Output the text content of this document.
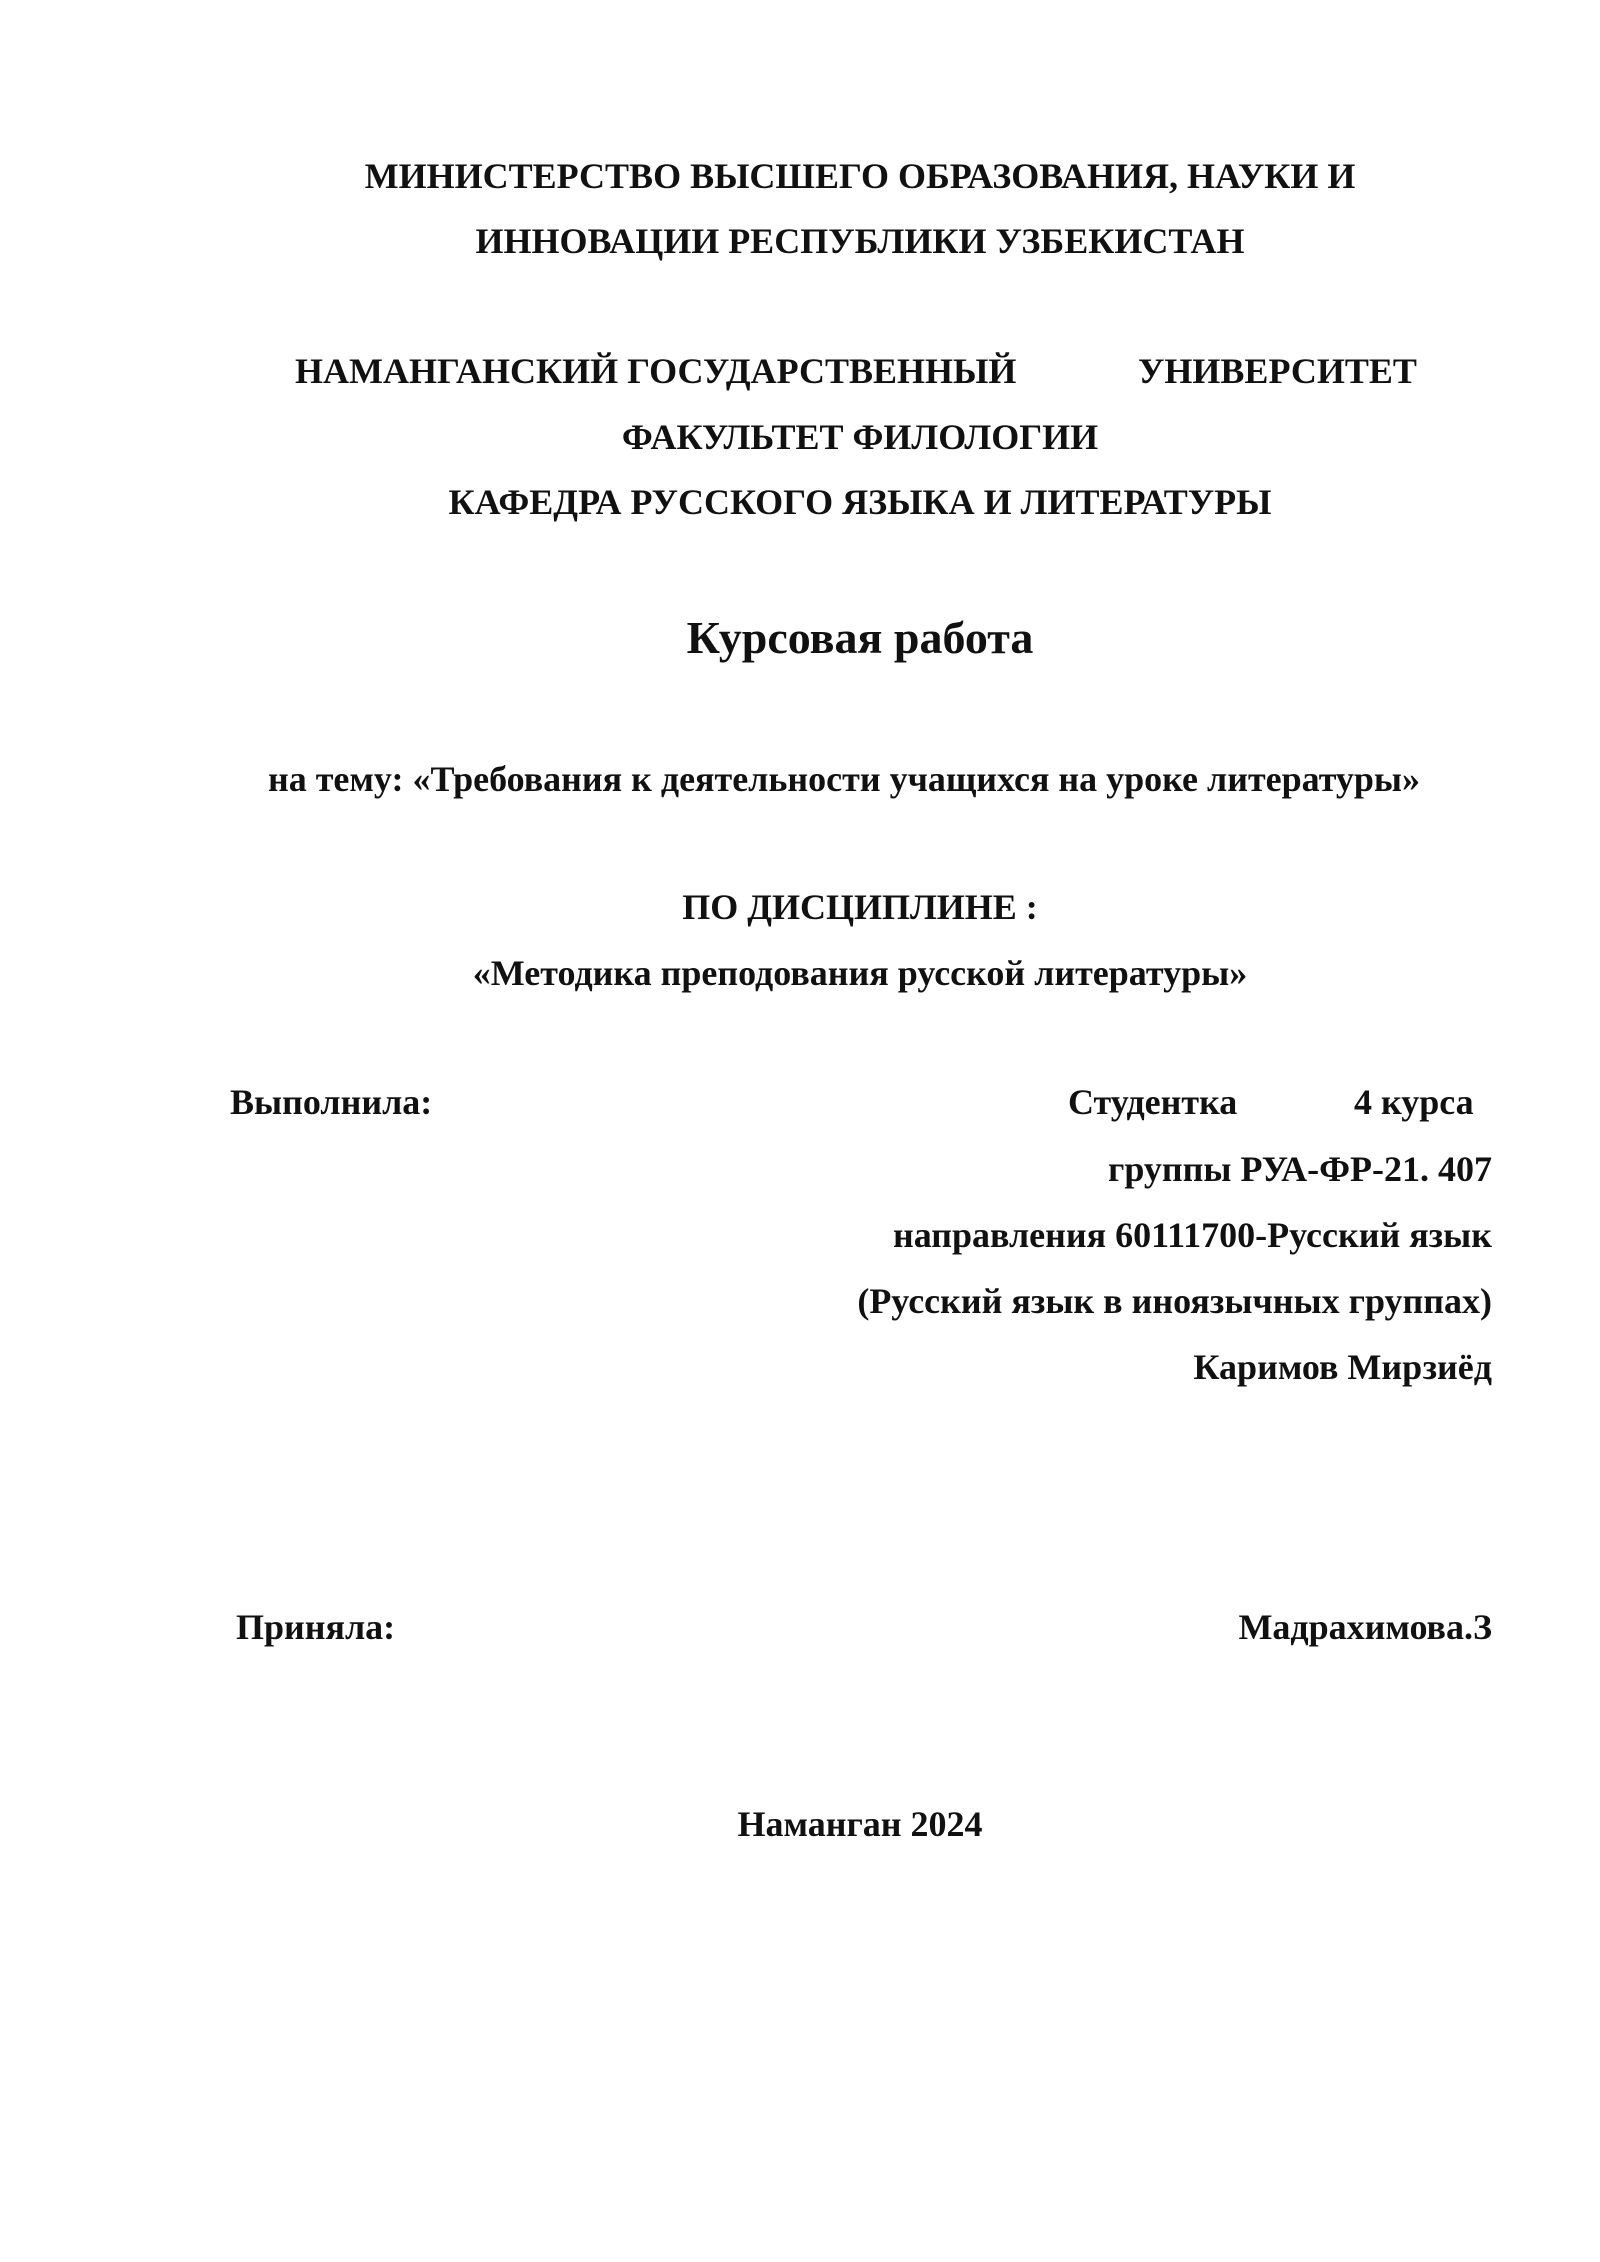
МИНИСТЕРСТВО ВЫСШЕГО ОБРАЗОВАНИЯ, НАУКИ И
ИННОВАЦИИ РЕСПУБЛИКИ УЗБЕКИСТАН
НАМАНГАНСКИЙ ГОСУДАРСТВЕННЫЙ	УНИВЕРСИТЕТ
ФАКУЛЬТЕТ ФИЛОЛОГИИ
КАФЕДРА РУССКОГО ЯЗЫКА И ЛИТЕРАТУРЫ
Курсовая работа
на тему: «Требования к деятельности учащихся на уроке литературы»
ПО ДИСЦИПЛИНЕ :
«Методика преподования русской литературы»
Выполнила:	Студентка	4 курса
группы РУА-ФР-21. 407
направления 60111700-Русский язык
(Русский язык в иноязычных группах)
Каримов Мирзиёд
Приняла:	Мадрахимова.З
Наманган 2024
